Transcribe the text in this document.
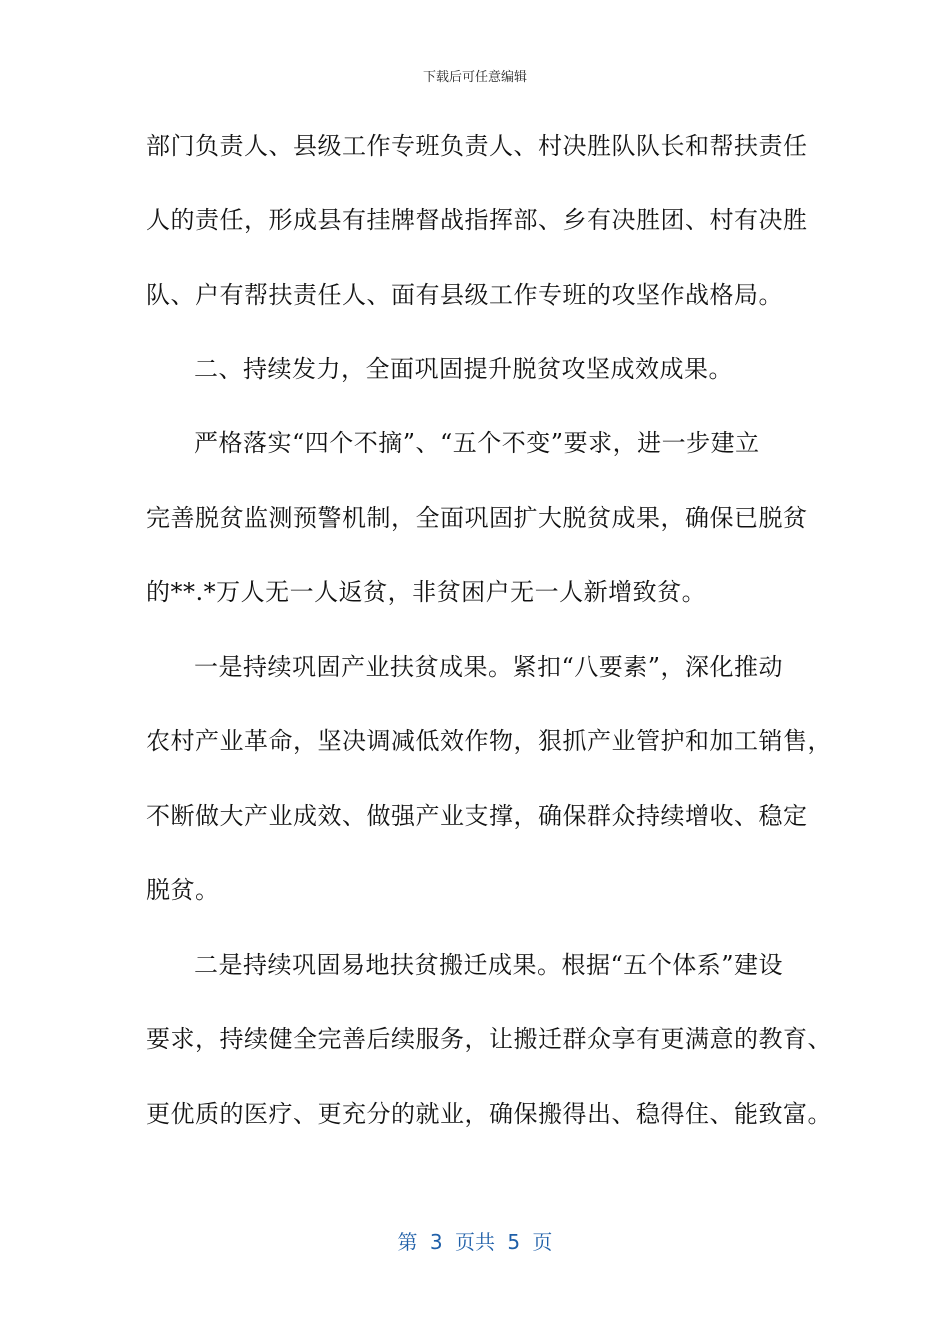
下载后可任意编辑
部门负责人、县级工作专班负责人、村决胜队队长和帮扶责任
人的责任，形成县有挂牌督战指挥部、乡有决胜团、村有决胜
队、户有帮扶责任人、面有县级工作专班的攻坚作战格局。
二、持续发力，全面巩固提升脱贫攻坚成效成果。
严格落实“四个不摘”、“五个不变”要求，进一步建立
完善脱贫监测预警机制，全面巩固扩大脱贫成果，确保已脱贫
的**.*万人无一人返贫，非贫困户无一人新增致贫。
一是持续巩固产业扶贫成果。紧扣“八要素”，深化推动
农村产业革命，坚决调减低效作物，狠抓产业管护和加工销售，
不断做大产业成效、做强产业支撑，确保群众持续增收、稳定
脱贫。
二是持续巩固易地扶贫搬迁成果。根据“五个体系”建设
要求，持续健全完善后续服务，让搬迁群众享有更满意的教育、
更优质的医疗、更充分的就业，确保搬得出、稳得住、能致富。
第 3 页共 5 页
